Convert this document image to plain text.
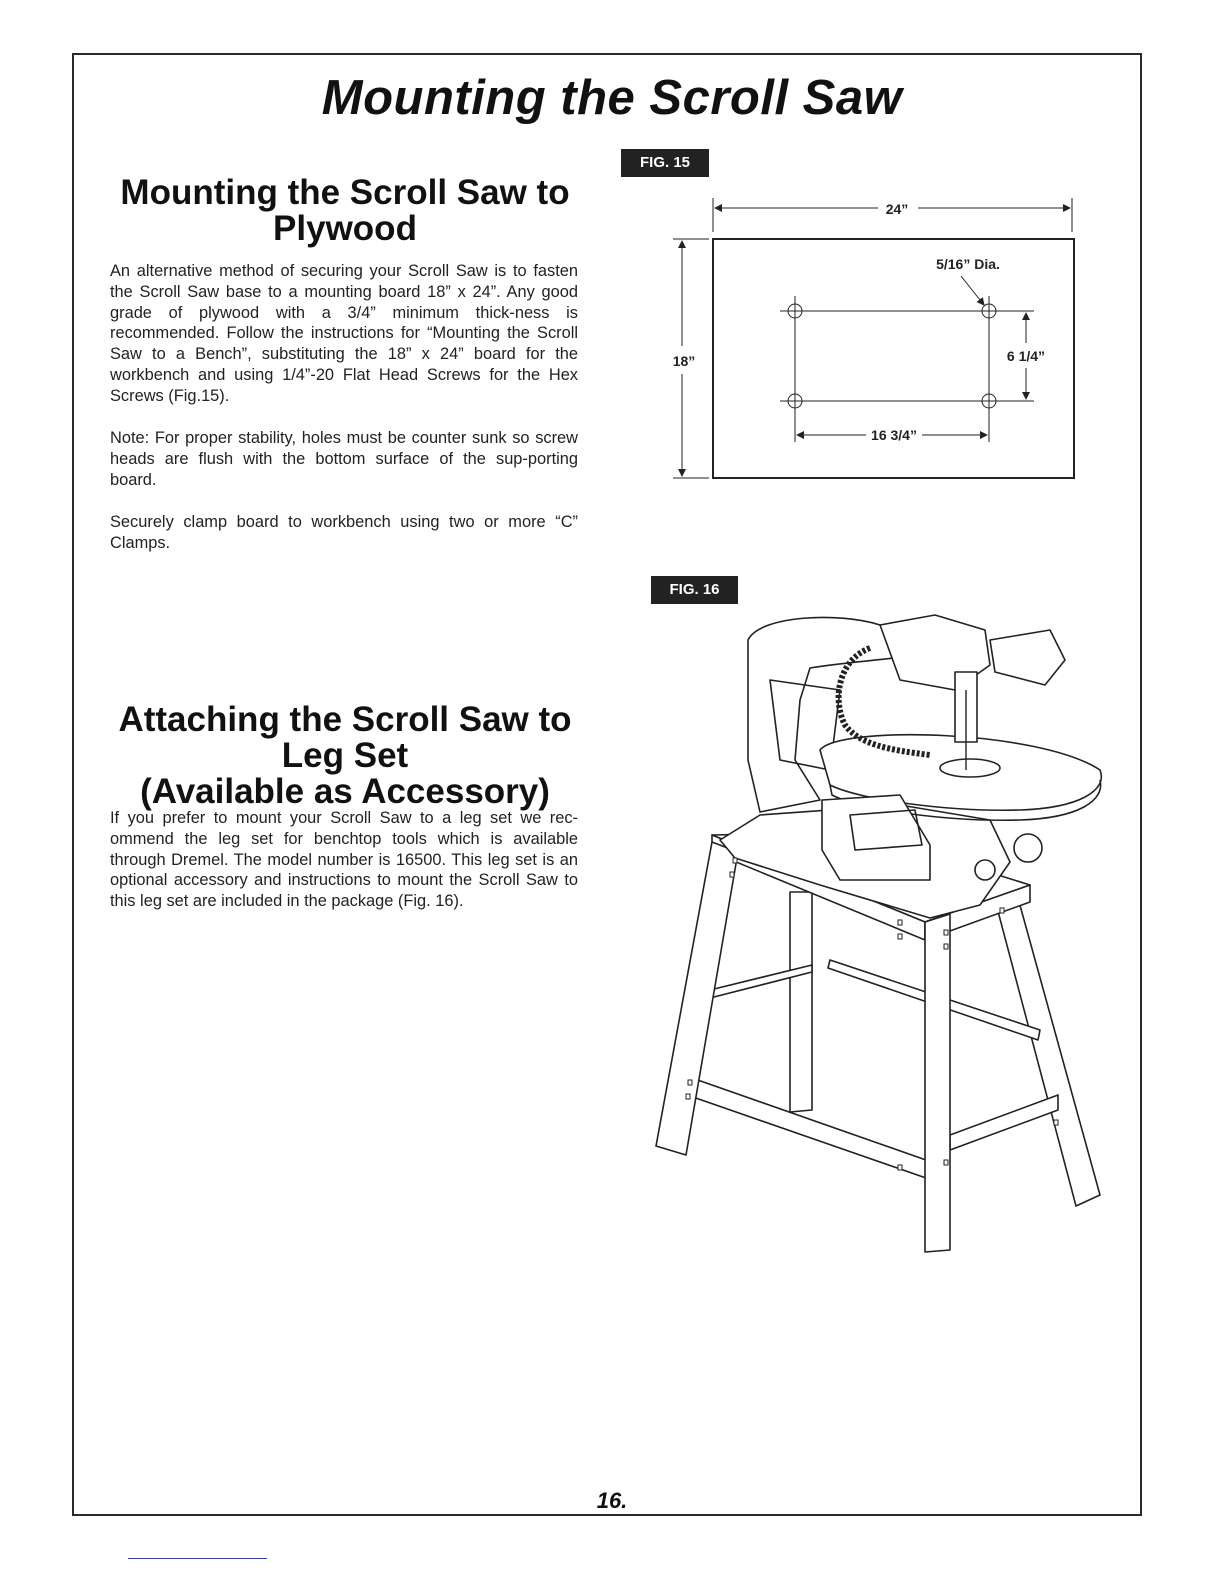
Mounting the Scroll Saw
Mounting the Scroll Saw to
Plywood

An alternative method of securing your Scroll Saw is to fasten the Scroll Saw base to a mounting board 18” x 24”. Any good grade of plywood with a 3/4” minimum thick-ness is recommended. Follow the instructions for “Mounting the Scroll Saw to a Bench”, substituting the 18” x 24” board for the workbench and using 1/4”-20 Flat Head Screws for the Hex Screws (Fig.15).

Note: For proper stability, holes must be counter sunk so screw heads are flush with the bottom surface of the sup-porting board.

Securely clamp board to workbench using two or more “C” Clamps.

Attaching the Scroll Saw to
Leg Set
(Available as Accessory)

If you prefer to mount your Scroll Saw to a leg set we rec-ommend the leg set for benchtop tools which is available through Dremel. The model number is 16500. This leg set is an optional accessory and instructions to mount the Scroll Saw to this leg set are included in the package (Fig. 16).

FIG. 15
24”
18”
5/16” Dia.
6 1/4”
16 3/4”
FIG. 16
16.
